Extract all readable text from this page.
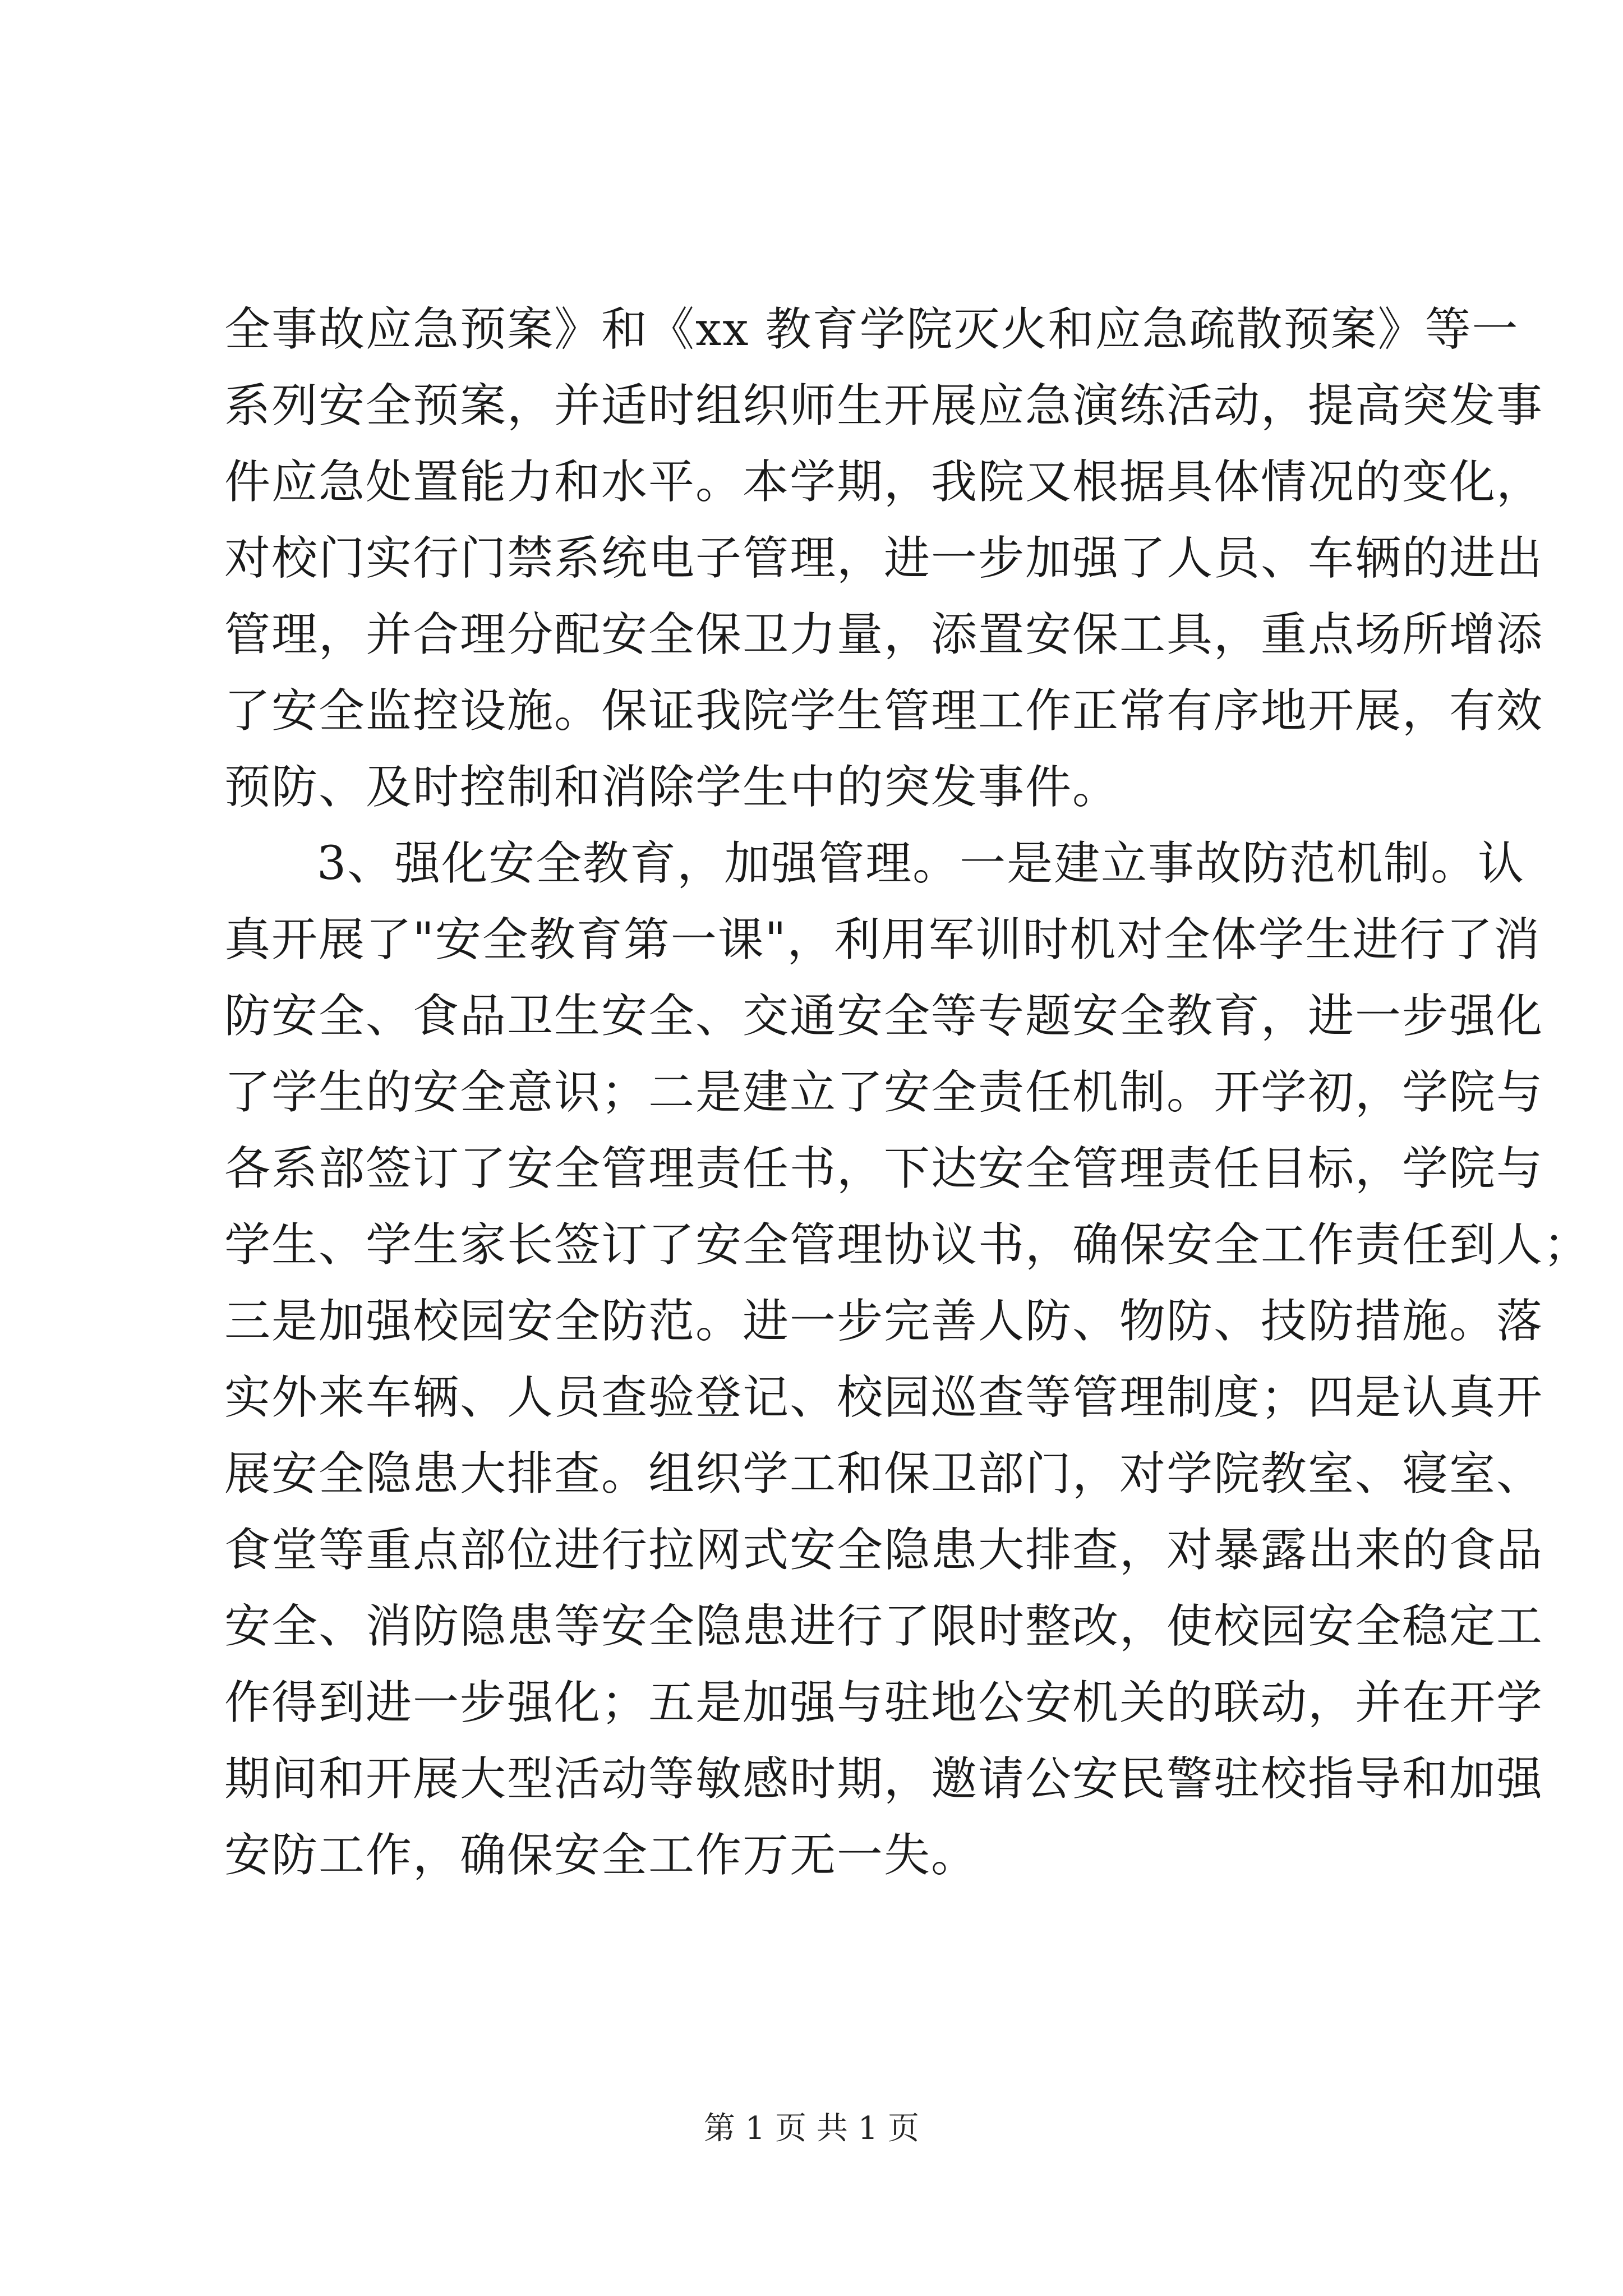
全事故应急预案》和《xx 教育学院灭火和应急疏散预案》等一
系列安全预案，并适时组织师生开展应急演练活动，提高突发事
件应急处置能力和水平。本学期，我院又根据具体情况的变化，
对校门实行门禁系统电子管理，进一步加强了人员、车辆的进出
管理，并合理分配安全保卫力量，添置安保工具，重点场所增添
了安全监控设施。保证我院学生管理工作正常有序地开展，有效
预防、及时控制和消除学生中的突发事件。
3、强化安全教育，加强管理。一是建立事故防范机制。认
真开展了"安全教育第一课"，利用军训时机对全体学生进行了消
防安全、食品卫生安全、交通安全等专题安全教育，进一步强化
了学生的安全意识；二是建立了安全责任机制。开学初，学院与
各系部签订了安全管理责任书，下达安全管理责任目标，学院与
学生、学生家长签订了安全管理协议书，确保安全工作责任到人；
三是加强校园安全防范。进一步完善人防、物防、技防措施。落
实外来车辆、人员查验登记、校园巡查等管理制度；四是认真开
展安全隐患大排查。组织学工和保卫部门，对学院教室、寝室、
食堂等重点部位进行拉网式安全隐患大排查，对暴露出来的食品
安全、消防隐患等安全隐患进行了限时整改，使校园安全稳定工
作得到进一步强化；五是加强与驻地公安机关的联动，并在开学
期间和开展大型活动等敏感时期，邀请公安民警驻校指导和加强
安防工作，确保安全工作万无一失。
第 1 页 共 1 页
